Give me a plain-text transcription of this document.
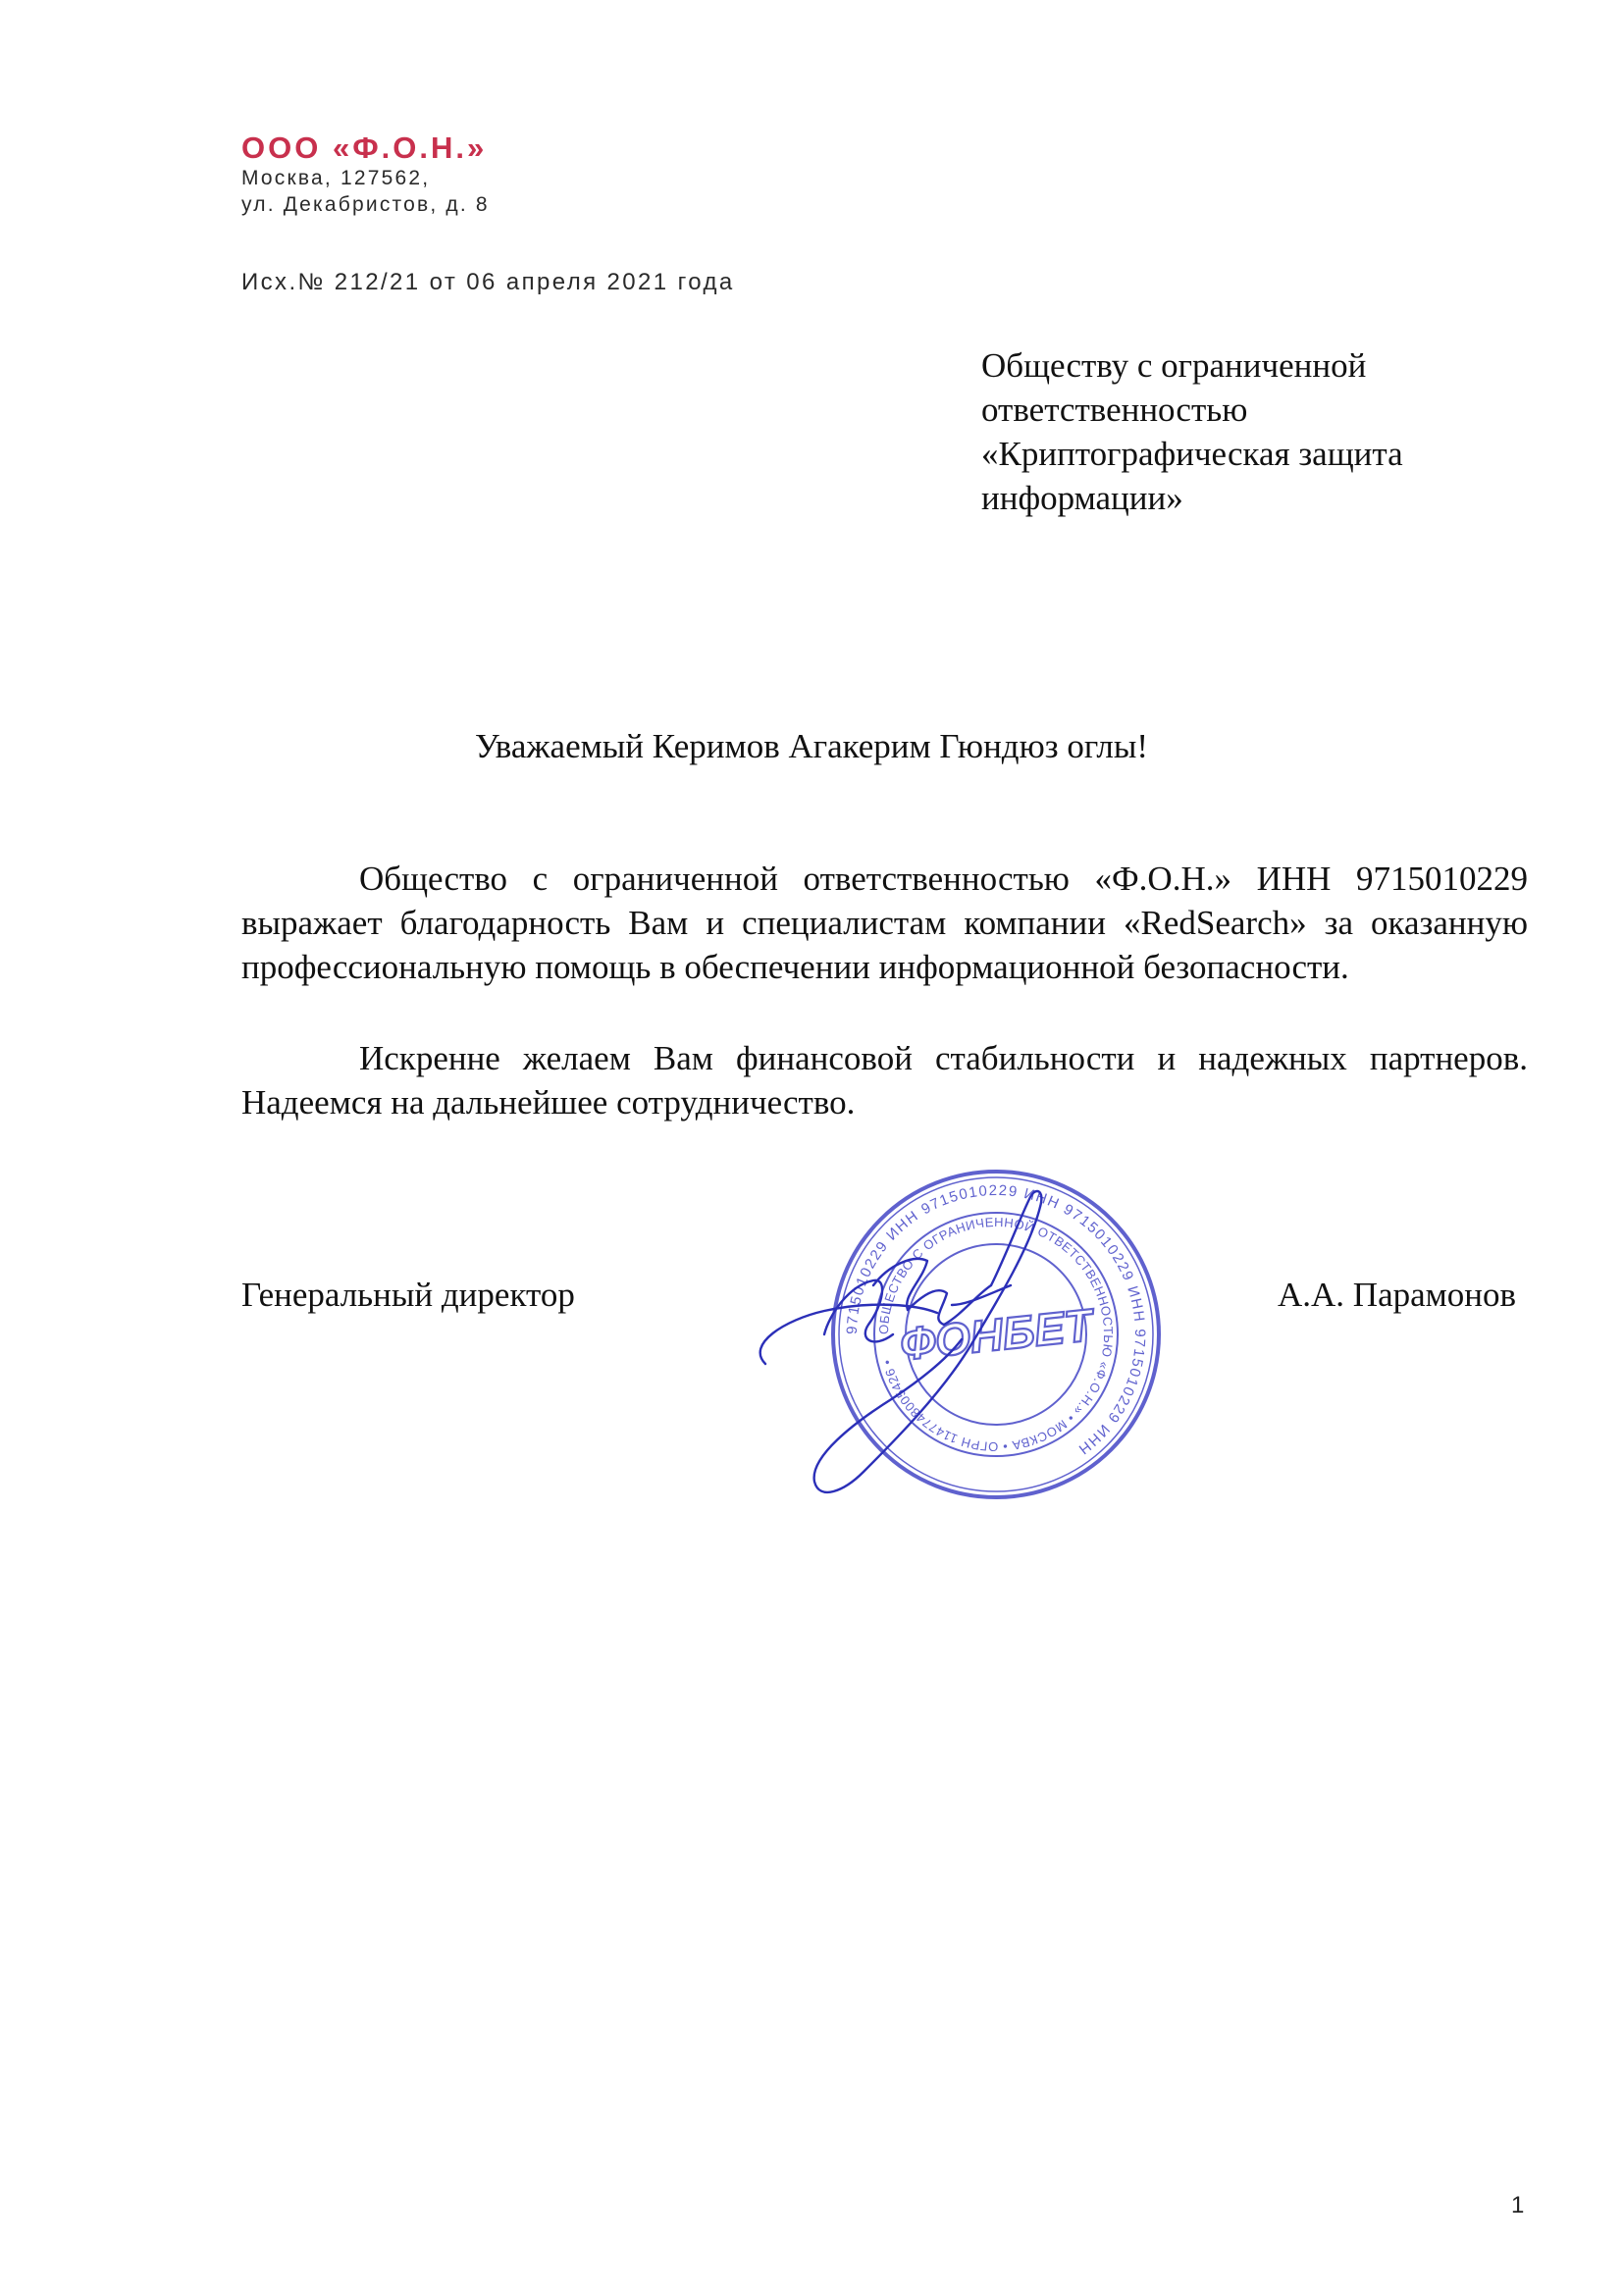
ООО «Ф.О.Н.»
Москва, 127562,
ул. Декабристов, д. 8
Исх.№ 212/21 от 06 апреля 2021 года
Обществу с ограниченной
ответственностью
«Криптографическая защита
информации»
Уважаемый Керимов Агакерим Гюндюз оглы!
Общество с ограниченной ответственностью «Ф.О.Н.» ИНН 9715010229 выражает благодарность Вам и специалистам компании «RedSearch» за оказанную профессиональную помощь в обеспечении информационной безопасности.
Искренне желаем Вам финансовой стабильности и надежных партнеров. Надеемся на дальнейшее сотрудничество.
Генеральный директор	А.А. Парамонов
9715010229 ИНН 9715010229 ИНН 9715010229 ИНН 9715010229 ИНН
ОБЩЕСТВО С ОГРАНИЧЕННОЙ ОТВЕТСТВЕННОСТЬЮ «Ф.О.Н.» • МОСКВА • ОГРН 1147748005426 • ФОНБЕТ
1
